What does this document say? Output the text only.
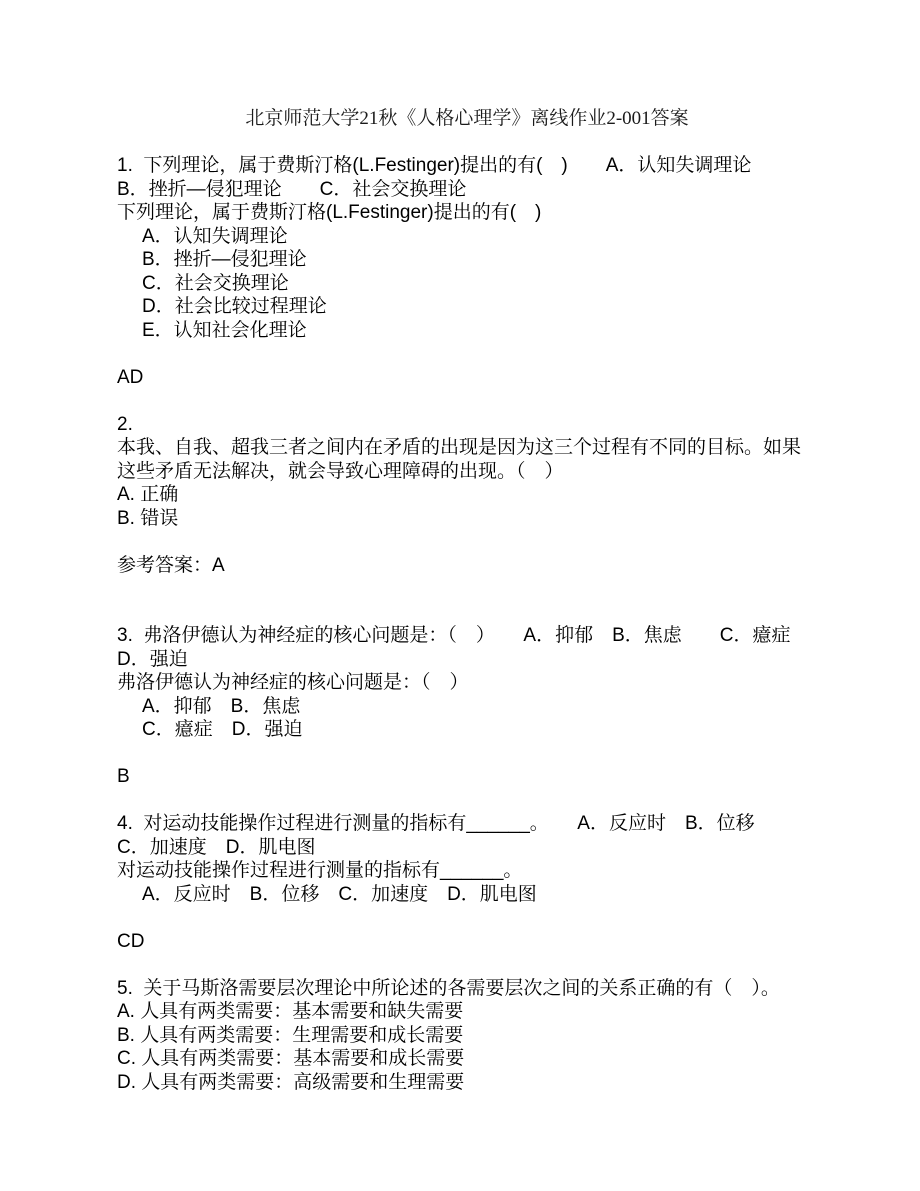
北京师范大学21秋《人格心理学》离线作业2-001答案
1.  下列理论，属于费斯汀格(L.Festinger)提出的有(　)　　A．认知失调理论
B．挫折—侵犯理论　　C．社会交换理论
下列理论，属于费斯汀格(L.Festinger)提出的有(　)
A．认知失调理论
B．挫折—侵犯理论
C．社会交换理论
D．社会比较过程理论
E．认知社会化理论
AD
2.
本我、自我、超我三者之间内在矛盾的出现是因为这三个过程有不同的目标。如果
这些矛盾无法解决，就会导致心理障碍的出现。（　）
A. 正确
B. 错误
参考答案：A
3.  弗洛伊德认为神经症的核心问题是：（　）　　A．抑郁　B．焦虑　　C．癔症
D．强迫
弗洛伊德认为神经症的核心问题是：（　）
A．抑郁　B．焦虑
C．癔症　D．强迫
B
4.  对运动技能操作过程进行测量的指标有______。　　A．反应时　B．位移
C．加速度　D．肌电图
对运动技能操作过程进行测量的指标有______。
A．反应时　B．位移　C．加速度　D．肌电图
CD
5.  关于马斯洛需要层次理论中所论述的各需要层次之间的关系正确的有（　）。
A. 人具有两类需要：基本需要和缺失需要
B. 人具有两类需要：生理需要和成长需要
C. 人具有两类需要：基本需要和成长需要
D. 人具有两类需要：高级需要和生理需要
